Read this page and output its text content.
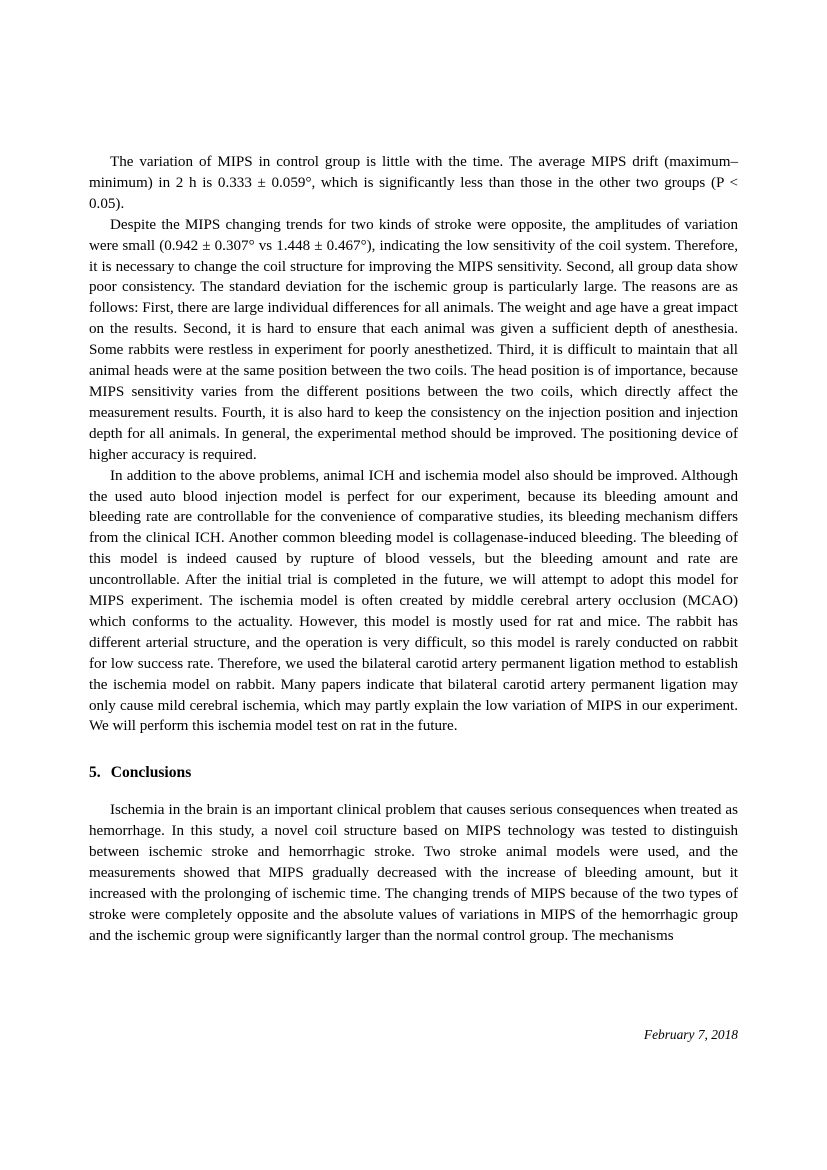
The variation of MIPS in control group is little with the time. The average MIPS drift (maximum–minimum) in 2 h is 0.333 ± 0.059°, which is significantly less than those in the other two groups (P < 0.05).

Despite the MIPS changing trends for two kinds of stroke were opposite, the amplitudes of variation were small (0.942 ± 0.307° vs 1.448 ± 0.467°), indicating the low sensitivity of the coil system. Therefore, it is necessary to change the coil structure for improving the MIPS sensitivity. Second, all group data show poor consistency. The standard deviation for the ischemic group is particularly large. The reasons are as follows: First, there are large individual differences for all animals. The weight and age have a great impact on the results. Second, it is hard to ensure that each animal was given a sufficient depth of anesthesia. Some rabbits were restless in experiment for poorly anesthetized. Third, it is difficult to maintain that all animal heads were at the same position between the two coils. The head position is of importance, because MIPS sensitivity varies from the different positions between the two coils, which directly affect the measurement results. Fourth, it is also hard to keep the consistency on the injection position and injection depth for all animals. In general, the experimental method should be improved. The positioning device of higher accuracy is required.

In addition to the above problems, animal ICH and ischemia model also should be improved. Although the used auto blood injection model is perfect for our experiment, because its bleeding amount and bleeding rate are controllable for the convenience of comparative studies, its bleeding mechanism differs from the clinical ICH. Another common bleeding model is collagenase-induced bleeding. The bleeding of this model is indeed caused by rupture of blood vessels, but the bleeding amount and rate are uncontrollable. After the initial trial is completed in the future, we will attempt to adopt this model for MIPS experiment. The ischemia model is often created by middle cerebral artery occlusion (MCAO) which conforms to the actuality. However, this model is mostly used for rat and mice. The rabbit has different arterial structure, and the operation is very difficult, so this model is rarely conducted on rabbit for low success rate. Therefore, we used the bilateral carotid artery permanent ligation method to establish the ischemia model on rabbit. Many papers indicate that bilateral carotid artery permanent ligation may only cause mild cerebral ischemia, which may partly explain the low variation of MIPS in our experiment. We will perform this ischemia model test on rat in the future.

5. Conclusions

Ischemia in the brain is an important clinical problem that causes serious consequences when treated as hemorrhage. In this study, a novel coil structure based on MIPS technology was tested to distinguish between ischemic stroke and hemorrhagic stroke. Two stroke animal models were used, and the measurements showed that MIPS gradually decreased with the increase of bleeding amount, but it increased with the prolonging of ischemic time. The changing trends of MIPS because of the two types of stroke were completely opposite and the absolute values of variations in MIPS of the hemorrhagic group and the ischemic group were significantly larger than the normal control group. The mechanisms

February 7, 2018
